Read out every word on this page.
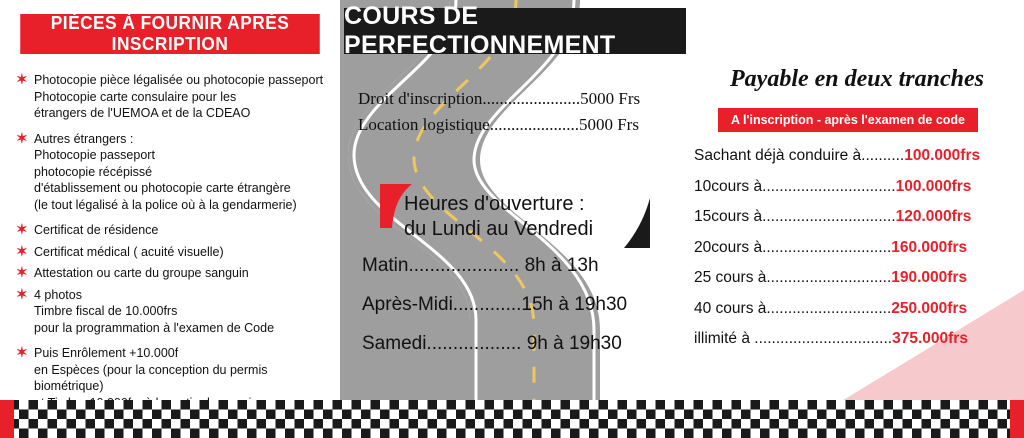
PIÈCES À FOURNIR APRÈS INSCRIPTION
✶ Photocopie pièce légalisée ou photocopie passeport
Photocopie carte consulaire pour les
étrangers de l'UEMOA et de la CDEAO
✶ Autres étrangers :
Photocopie passeport
photocopie récépissé
d'établissement ou photocopie carte étrangère
(le tout légalisé à la police où à la gendarmerie)
✶ Certificat de résidence
✶ Certificat médical ( acuité visuelle)
✶ Attestation ou carte du groupe sanguin
✶ 4 photos
Timbre fiscal de 10.000frs
pour la programmation à l'examen de Code
✶ Puis Enrôlement +10.000f
en Espèces (pour la conception du permis biométrique)
COURS DE PERFECTIONNEMENT
Droit d'inscription.......................5000 Frs
Location logistique.....................5000 Frs
Heures d'ouverture :
du Lundi au Vendredi
Matin..................... 8h à 13h
Après-Midi.............15h à 19h30
Samedi.................. 9h à 19h30
Payable en deux tranches
A l'inscription - après l'examen de code
Sachant déjà conduire à..........100.000frs
10cours à...............................100.000frs
15cours à...............................120.000frs
20cours à..............................160.000frs
25 cours à.............................190.000frs
40 cours à.............................250.000frs
illimité à ................................375.000frs
